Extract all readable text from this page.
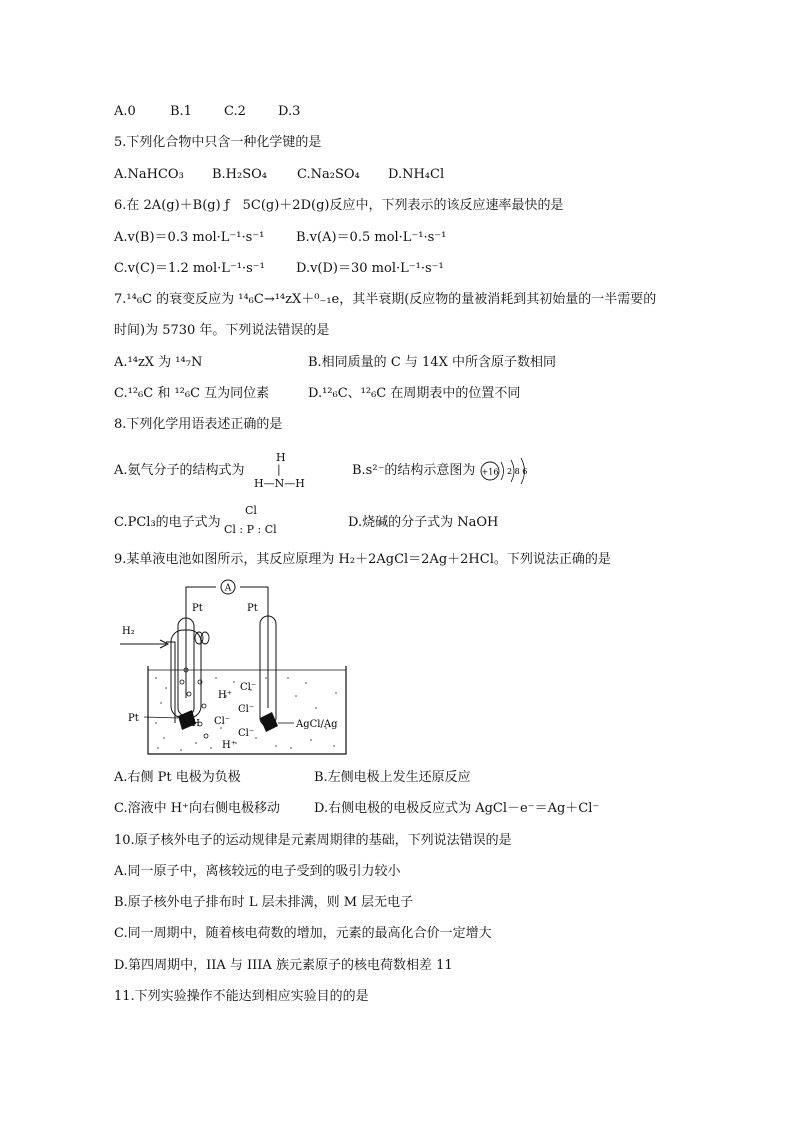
A.0	B.1 C.2 D.3
5.下列化合物中只含一种化学键的是
A.NaHCO₃ B.H₂SO₄ C.Na₂SO₄ D.NH₄Cl
6.在 2A(g)＋B(g) ƒ　5C(g)＋2D(g)反应中，下列表示的该反应速率最快的是
A.v(B)＝0.3 mol·L⁻¹·s⁻¹ B.v(A)＝0.5 mol·L⁻¹·s⁻¹
C.v(C)＝1.2 mol·L⁻¹·s⁻¹ D.v(D)＝30 mol·L⁻¹·s⁻¹
7.¹⁴₆C 的衰变反应为 ¹⁴₆C→¹⁴zX＋⁰₋₁e，其半衰期(反应物的量被消耗到其初始量的一半需要的
时间)为 5730 年。下列说法错误的是
A.¹⁴zX 为 ¹⁴₇N	B.相同质量的 C 与 14X 中所含原子数相同
C.¹²₆C 和 ¹²₆C 互为同位素	D.¹²₆C、¹²₆C 在周期表中的位置不同
8.下列化学用语表述正确的是
A.氨气分子的结构式为
H
|
H—N—H
B.s²⁻的结构示意图为 +16 2 8 6
C.PCl₃的电子式为
Cl
Cl : P : Cl	D.烧碱的分子式为 NaOH
9.某单液电池如图所示，其反应原理为 H₂＋2AgCl＝2Ag＋2HCl。下列说法正确的是
A
Pt	Pt
H₂
Pt
AgCl/Ag
H⁺
Cl⁻
H Cl⁻
Cl⁻
H⁺
Cl⁻
A.右侧 Pt 电极为负极	B.左侧电极上发生还原反应
C.溶液中 H⁺向右侧电极移动	D.右侧电极的电极反应式为 AgCl－e⁻＝Ag＋Cl⁻
10.原子核外电子的运动规律是元素周期律的基础，下列说法错误的是
A.同一原子中，离核较远的电子受到的吸引力较小
B.原子核外电子排布时 L 层未排满，则 M 层无电子
C.同一周期中，随着核电荷数的增加，元素的最高化合价一定增大
D.第四周期中，IIA 与 IIIA 族元素原子的核电荷数相差 11
11.下列实验操作不能达到相应实验目的的是
